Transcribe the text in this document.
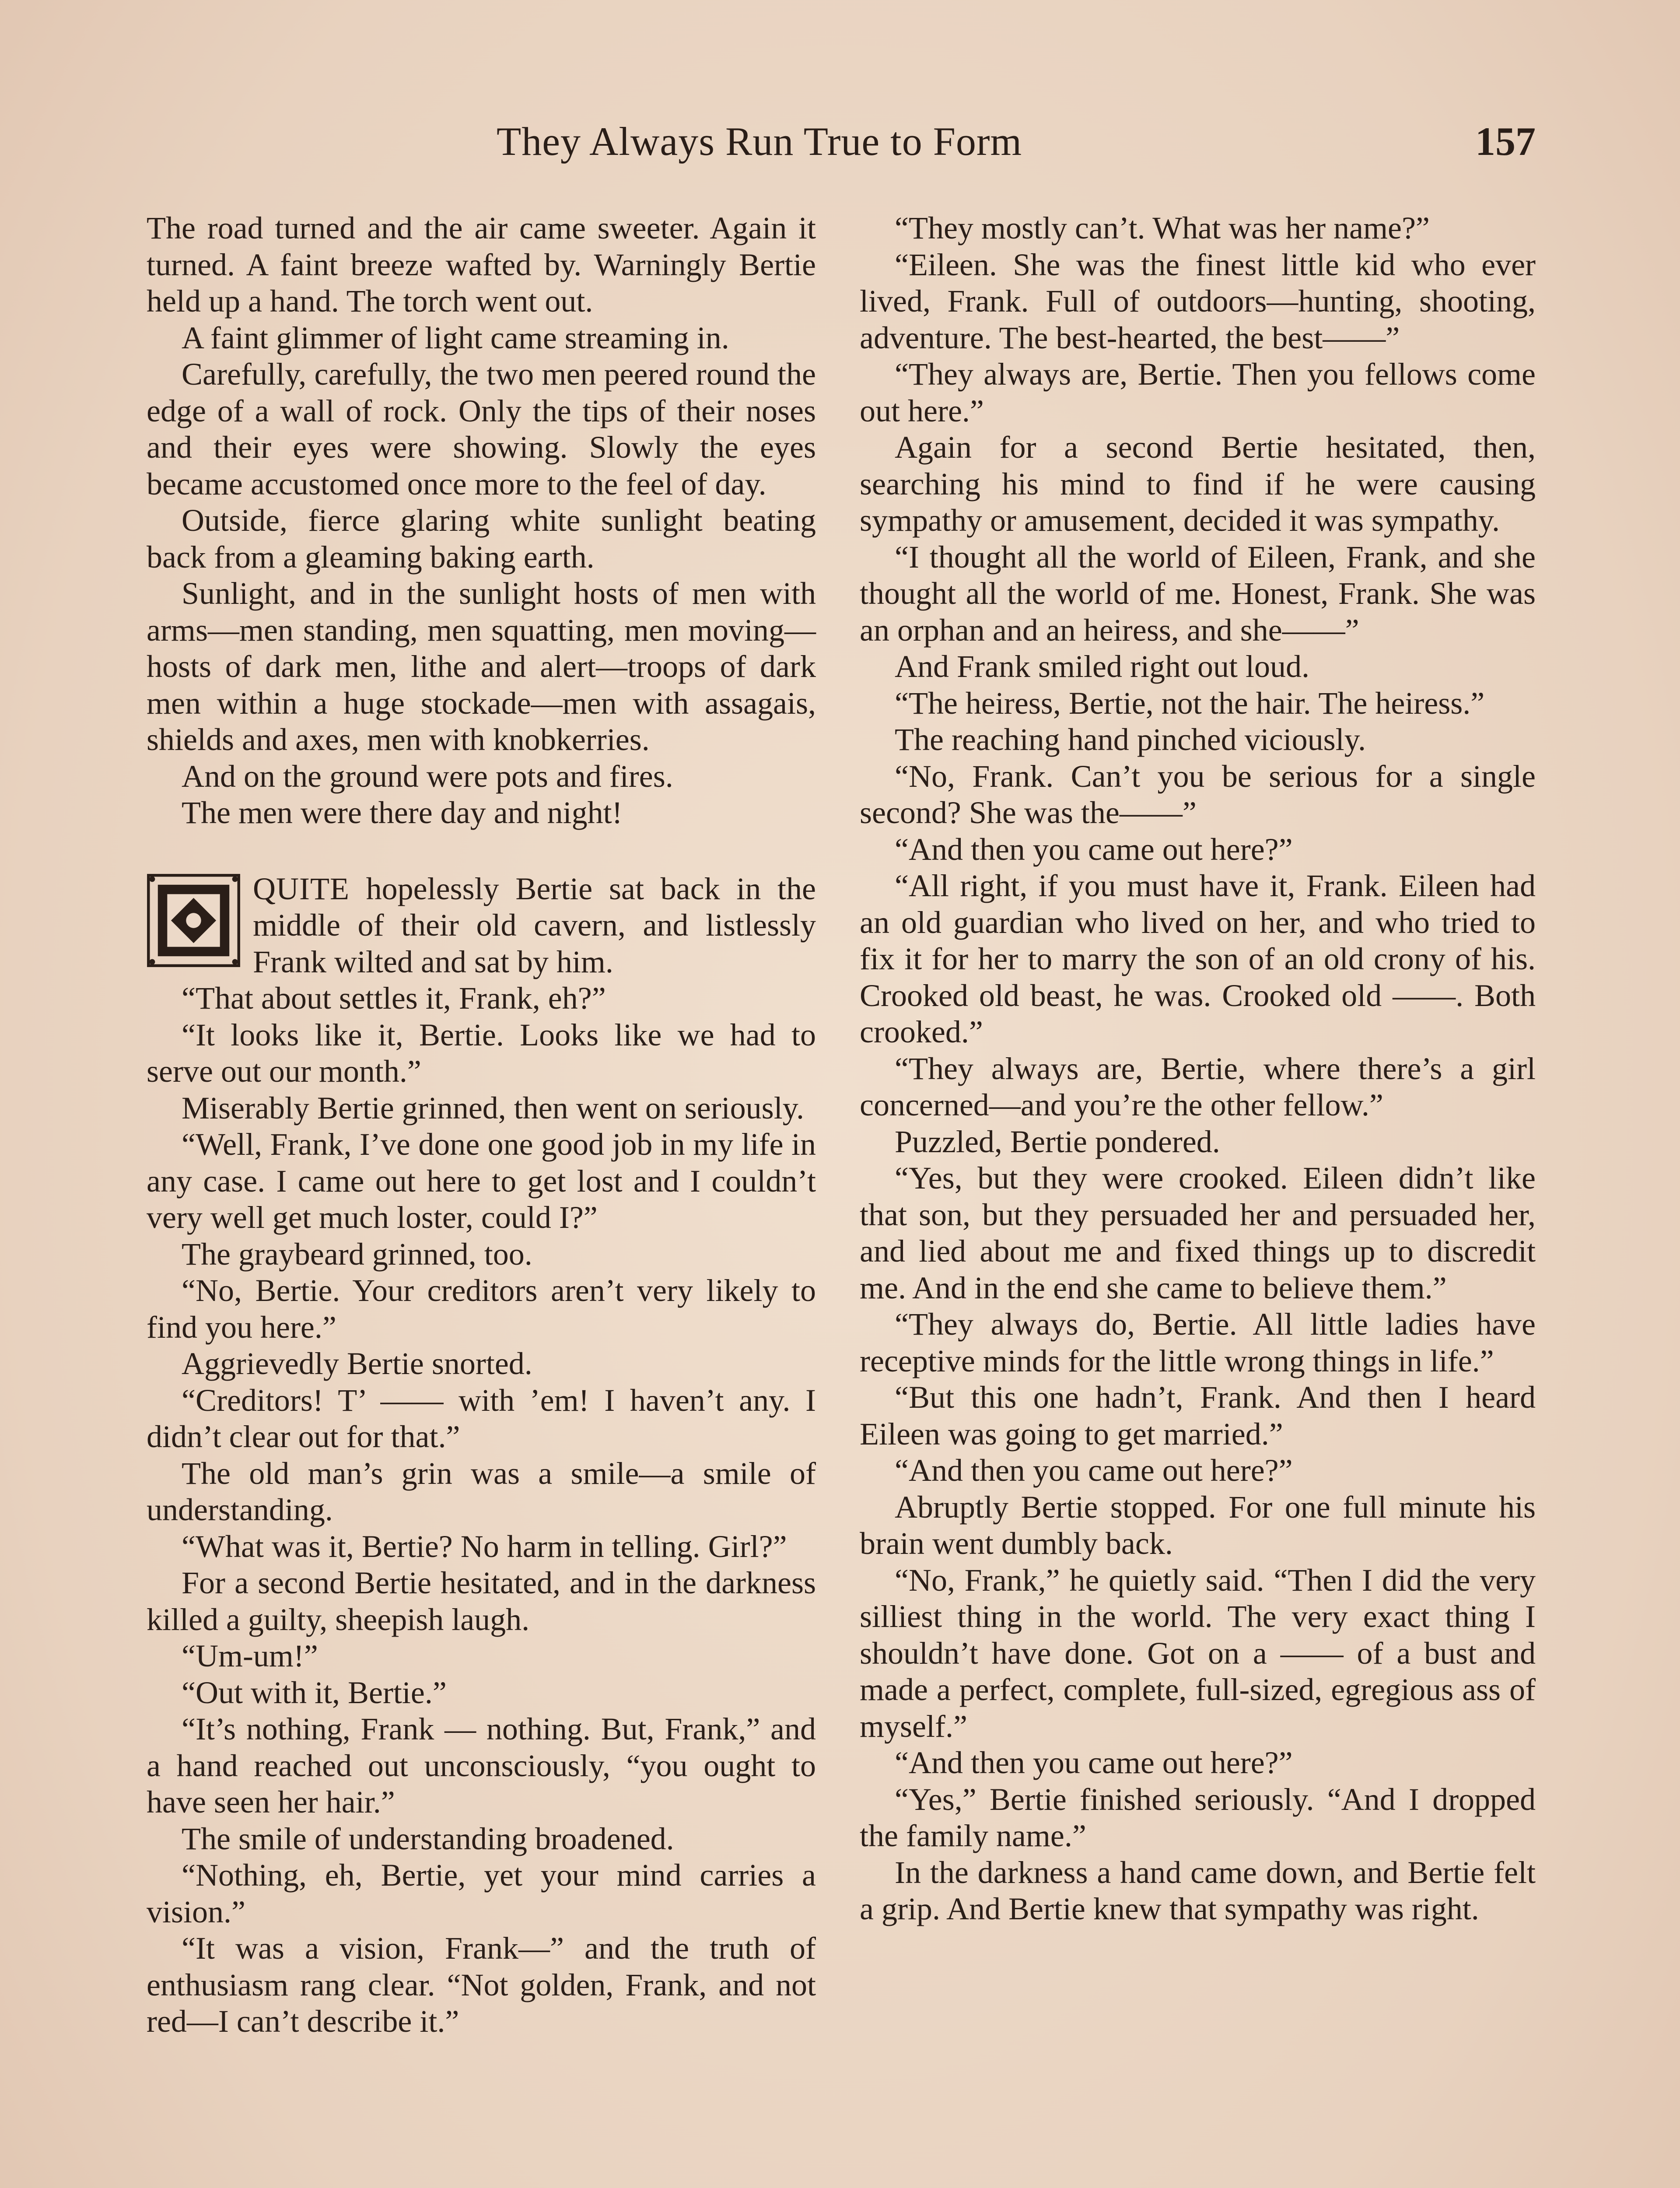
They Always Run True to Form	157

The road turned and the air came sweeter. Again it turned. A faint breeze wafted by. Warningly Bertie held up a hand. The torch went out.

A faint glimmer of light came streaming in.

Carefully, carefully, the two men peered round the edge of a wall of rock. Only the tips of their noses and their eyes were showing. Slowly the eyes became accustomed once more to the feel of day.

Outside, fierce glaring white sunlight beating back from a gleaming baking earth.

Sunlight, and in the sunlight hosts of men with arms—men standing, men squatting, men moving—hosts of dark men, lithe and alert—troops of dark men within a huge stockade—men with assagais, shields and axes, men with knobkerries.

And on the ground were pots and fires.

The men were there day and night!

QUITE hopelessly Bertie sat back in the middle of their old cavern, and listlessly Frank wilted and sat by him.

“That about settles it, Frank, eh?”

“It looks like it, Bertie. Looks like we had to serve out our month.”

Miserably Bertie grinned, then went on seriously.

“Well, Frank, I’ve done one good job in my life in any case. I came out here to get lost and I couldn’t very well get much loster, could I?”

The graybeard grinned, too.

“No, Bertie. Your creditors aren’t very likely to find you here.”

Aggrievedly Bertie snorted.

“Creditors! T’ —— with ’em! I haven’t any. I didn’t clear out for that.”

The old man’s grin was a smile—a smile of understanding.

“What was it, Bertie? No harm in telling. Girl?”

For a second Bertie hesitated, and in the darkness killed a guilty, sheepish laugh.

“Um-um!”

“Out with it, Bertie.”

“It’s nothing, Frank — nothing. But, Frank,” and a hand reached out unconsciously, “you ought to have seen her hair.”

The smile of understanding broadened.

“Nothing, eh, Bertie, yet your mind carries a vision.”

“It was a vision, Frank—” and the truth of enthusiasm rang clear. “Not golden, Frank, and not red—I can’t describe it.”

“They mostly can’t. What was her name?”

“Eileen. She was the finest little kid who ever lived, Frank. Full of outdoors—hunting, shooting, adventure. The best-hearted, the best——”

“They always are, Bertie. Then you fellows come out here.”

Again for a second Bertie hesitated, then, searching his mind to find if he were causing sympathy or amusement, decided it was sympathy.

“I thought all the world of Eileen, Frank, and she thought all the world of me. Honest, Frank. She was an orphan and an heiress, and she——”

And Frank smiled right out loud.

“The heiress, Bertie, not the hair. The heiress.”

The reaching hand pinched viciously.

“No, Frank. Can’t you be serious for a single second? She was the——”

“And then you came out here?”

“All right, if you must have it, Frank. Eileen had an old guardian who lived on her, and who tried to fix it for her to marry the son of an old crony of his. Crooked old beast, he was. Crooked old ——. Both crooked.”

“They always are, Bertie, where there’s a girl concerned—and you’re the other fellow.”

Puzzled, Bertie pondered.

“Yes, but they were crooked. Eileen didn’t like that son, but they persuaded her and persuaded her, and lied about me and fixed things up to discredit me. And in the end she came to believe them.”

“They always do, Bertie. All little ladies have receptive minds for the little wrong things in life.”

“But this one hadn’t, Frank. And then I heard Eileen was going to get married.”

“And then you came out here?”

Abruptly Bertie stopped. For one full minute his brain went dumbly back.

“No, Frank,” he quietly said. “Then I did the very silliest thing in the world. The very exact thing I shouldn’t have done. Got on a —— of a bust and made a perfect, complete, full-sized, egregious ass of myself.”

“And then you came out here?”

“Yes,” Bertie finished seriously. “And I dropped the family name.”

In the darkness a hand came down, and Bertie felt a grip. And Bertie knew that sympathy was right.
